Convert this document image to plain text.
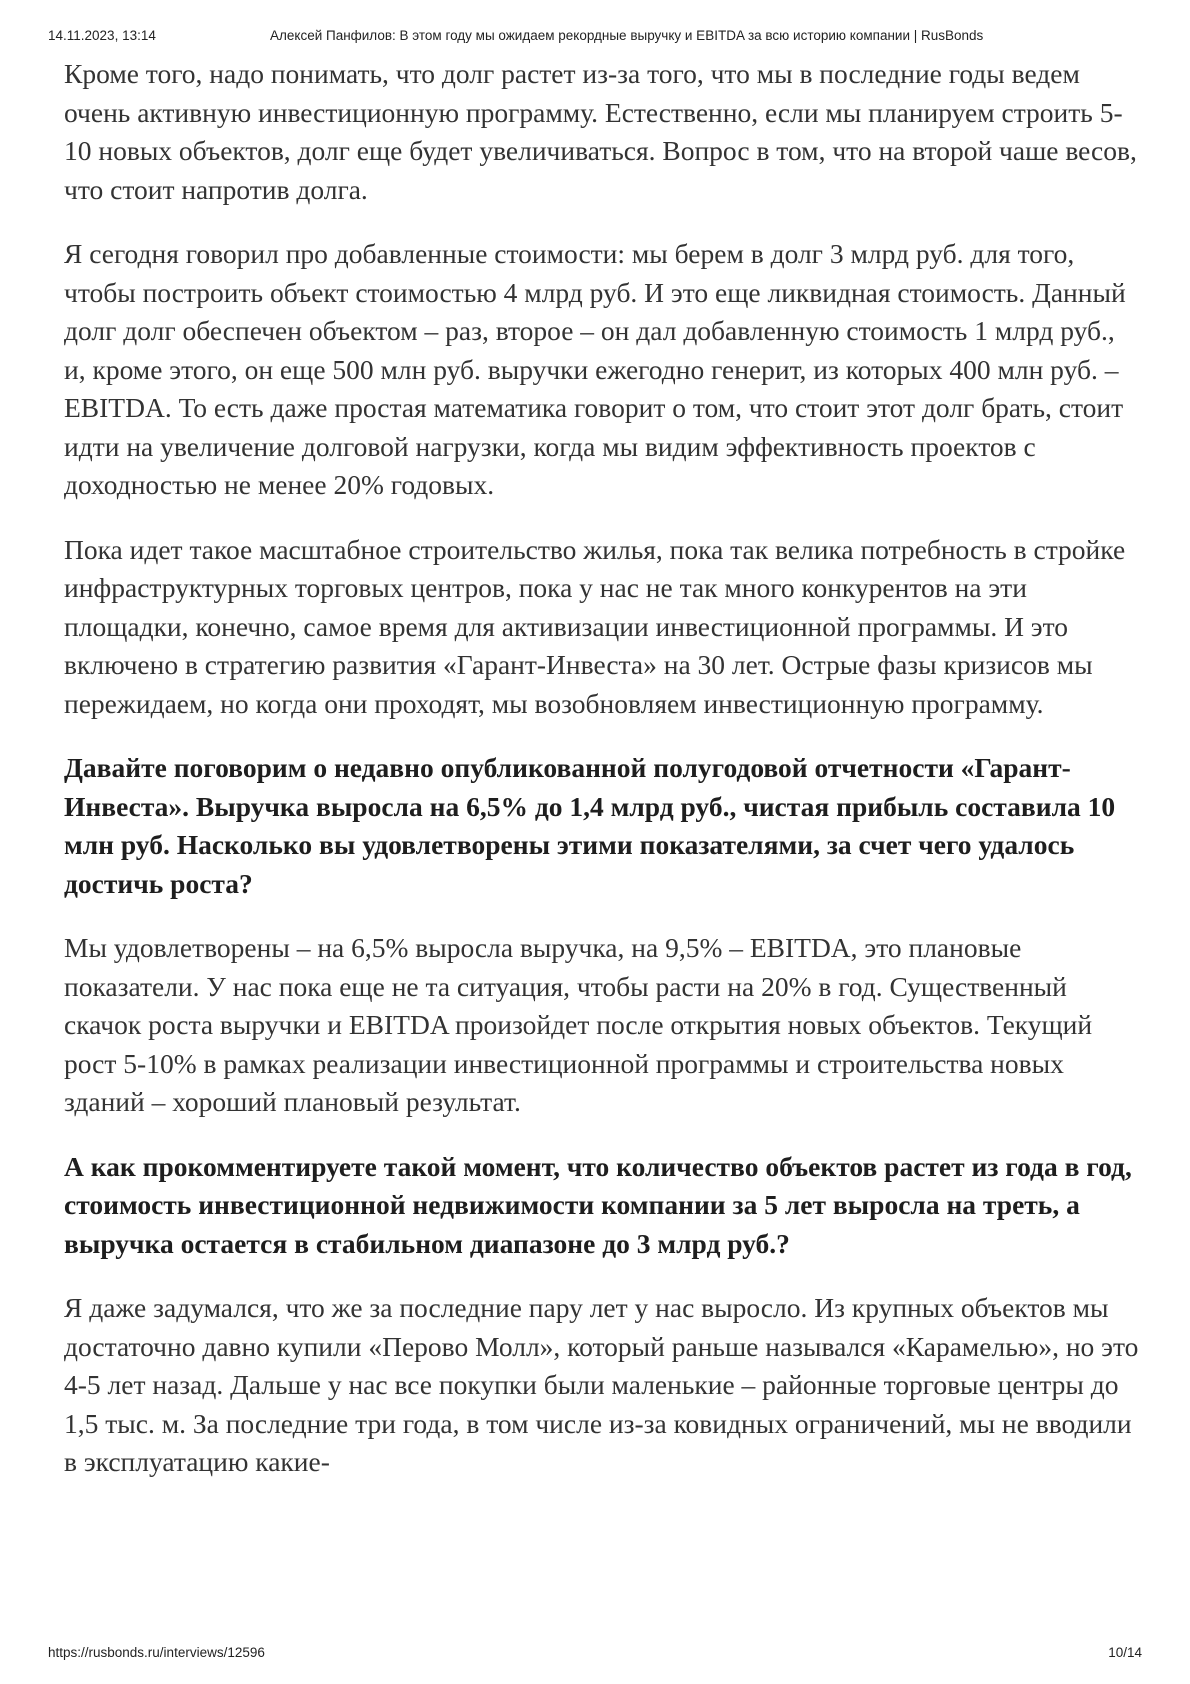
14.11.2023, 13:14	Алексей Панфилов: В этом году мы ожидаем рекордные выручку и EBITDA за всю историю компании | RusBonds

Кроме того, надо понимать, что долг растет из-за того, что мы в последние годы ведем очень активную инвестиционную программу. Естественно, если мы планируем строить 5-10 новых объектов, долг еще будет увеличиваться. Вопрос в том, что на второй чаше весов, что стоит напротив долга.

Я сегодня говорил про добавленные стоимости: мы берем в долг 3 млрд руб. для того, чтобы построить объект стоимостью 4 млрд руб. И это еще ликвидная стоимость. Данный долг долг обеспечен объектом – раз, второе – он дал добавленную стоимость 1 млрд руб., и, кроме этого, он еще 500 млн руб. выручки ежегодно генерит, из которых 400 млн руб. – EBITDA. То есть даже простая математика говорит о том, что стоит этот долг брать, стоит идти на увеличение долговой нагрузки, когда мы видим эффективность проектов с доходностью не менее 20% годовых.

Пока идет такое масштабное строительство жилья, пока так велика потребность в стройке инфраструктурных торговых центров, пока у нас не так много конкурентов на эти площадки, конечно, самое время для активизации инвестиционной программы. И это включено в стратегию развития «Гарант-Инвеста» на 30 лет. Острые фазы кризисов мы пережидаем, но когда они проходят, мы возобновляем инвестиционную программу.

Давайте поговорим о недавно опубликованной полугодовой отчетности «Гарант-Инвеста». Выручка выросла на 6,5% до 1,4 млрд руб., чистая прибыль составила 10 млн руб. Насколько вы удовлетворены этими показателями, за счет чего удалось достичь роста?

Мы удовлетворены – на 6,5% выросла выручка, на 9,5% – EBITDA, это плановые показатели. У нас пока еще не та ситуация, чтобы расти на 20% в год. Существенный скачок роста выручки и EBITDA произойдет после открытия новых объектов. Текущий рост 5-10% в рамках реализации инвестиционной программы и строительства новых зданий – хороший плановый результат.

А как прокомментируете такой момент, что количество объектов растет из года в год, стоимость инвестиционной недвижимости компании за 5 лет выросла на треть, а выручка остается в стабильном диапазоне до 3 млрд руб.?

Я даже задумался, что же за последние пару лет у нас выросло. Из крупных объектов мы достаточно давно купили «Перово Молл», который раньше назывался «Карамелью», но это 4-5 лет назад. Дальше у нас все покупки были маленькие – районные торговые центры до 1,5 тыс. м. За последние три года, в том числе из-за ковидных ограничений, мы не вводили в эксплуатацию какие-

https://rusbonds.ru/interviews/12596	10/14
